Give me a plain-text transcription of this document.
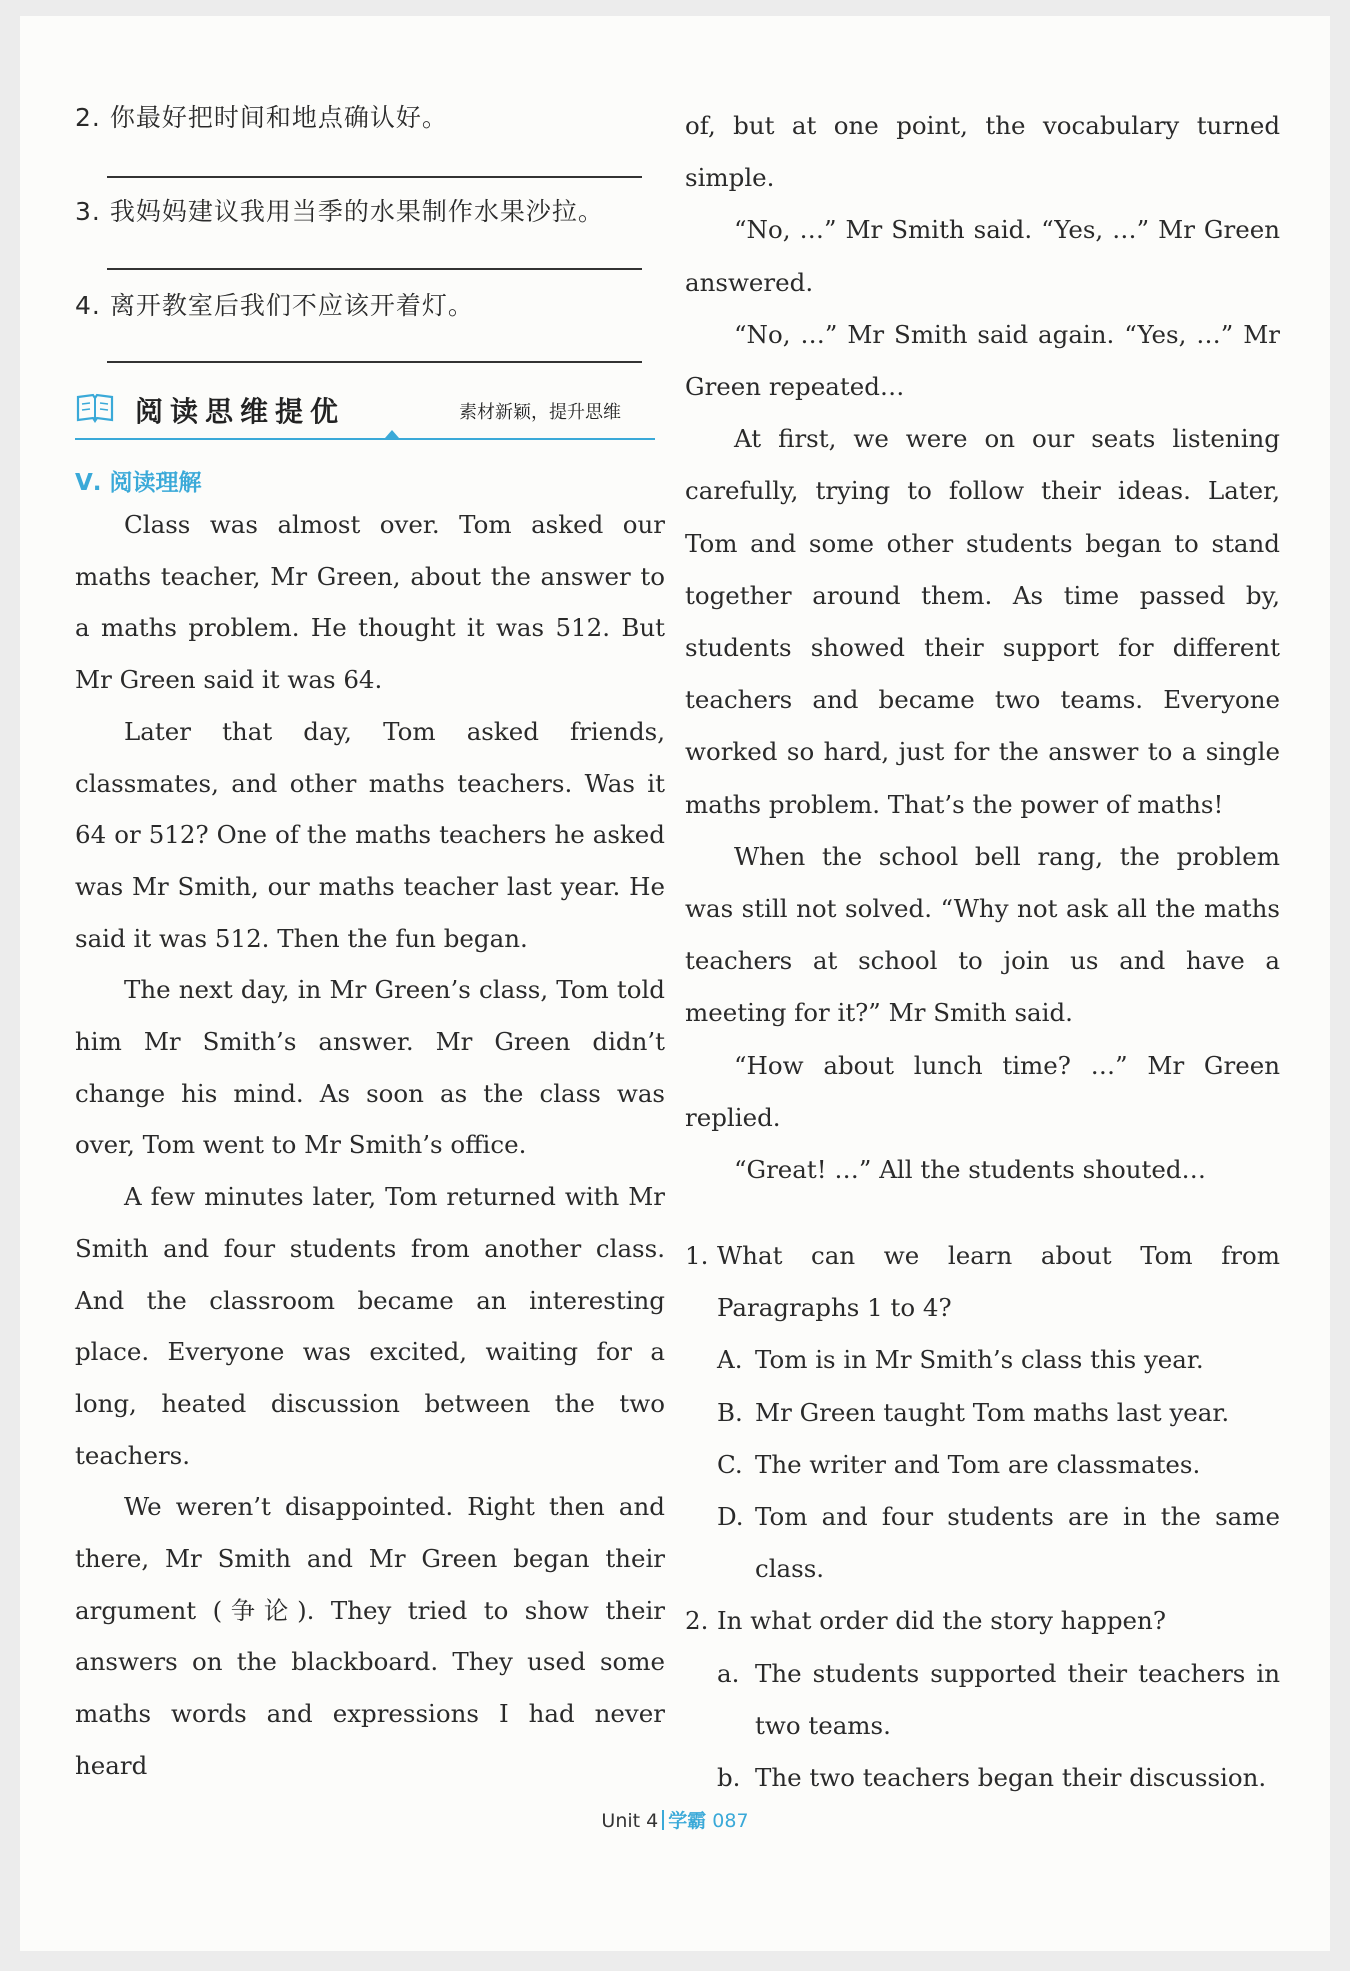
2. 你最好把时间和地点确认好。
3. 我妈妈建议我用当季的水果制作水果沙拉。
4. 离开教室后我们不应该开着灯。
阅读思维提优	素材新颖，提升思维
Ⅴ. 阅读理解

Class was almost over. Tom asked our maths teacher, Mr Green, about the answer to a maths problem. He thought it was 512. But Mr Green said it was 64.

Later that day, Tom asked friends, classmates, and other maths teachers. Was it 64 or 512? One of the maths teachers he asked was Mr Smith, our maths teacher last year. He said it was 512. Then the fun began.

The next day, in Mr Green’s class, Tom told him Mr Smith’s answer. Mr Green didn’t change his mind. As soon as the class was over, Tom went to Mr Smith’s office.

A few minutes later, Tom returned with Mr Smith and four students from another class. And the classroom became an interesting place. Everyone was excited, waiting for a long, heated discussion between the two teachers.

We weren’t disappointed. Right then and there, Mr Smith and Mr Green began their argument (争论). They tried to show their answers on the blackboard. They used some maths words and expressions I had never heard

of, but at one point, the vocabulary turned simple.

“No, …” Mr Smith said. “Yes, …” Mr Green answered.

“No, …” Mr Smith said again. “Yes, …” Mr Green repeated…

At first, we were on our seats listening carefully, trying to follow their ideas. Later, Tom and some other students began to stand together around them. As time passed by, students showed their support for different teachers and became two teams. Everyone worked so hard, just for the answer to a single maths problem. That’s the power of maths!

When the school bell rang, the problem was still not solved. “Why not ask all the maths teachers at school to join us and have a meeting for it?” Mr Smith said.

“How about lunch time? …” Mr Green replied.

“Great! …” All the students shouted…

1. What can we learn about Tom from Paragraphs 1 to 4?
A. Tom is in Mr Smith’s class this year.
B. Mr Green taught Tom maths last year.
C. The writer and Tom are classmates.
D. Tom and four students are in the same class.
2. In what order did the story happen?
a. The students supported their teachers in two teams.
b. The two teachers began their discussion.
Unit 4 学霸 087
